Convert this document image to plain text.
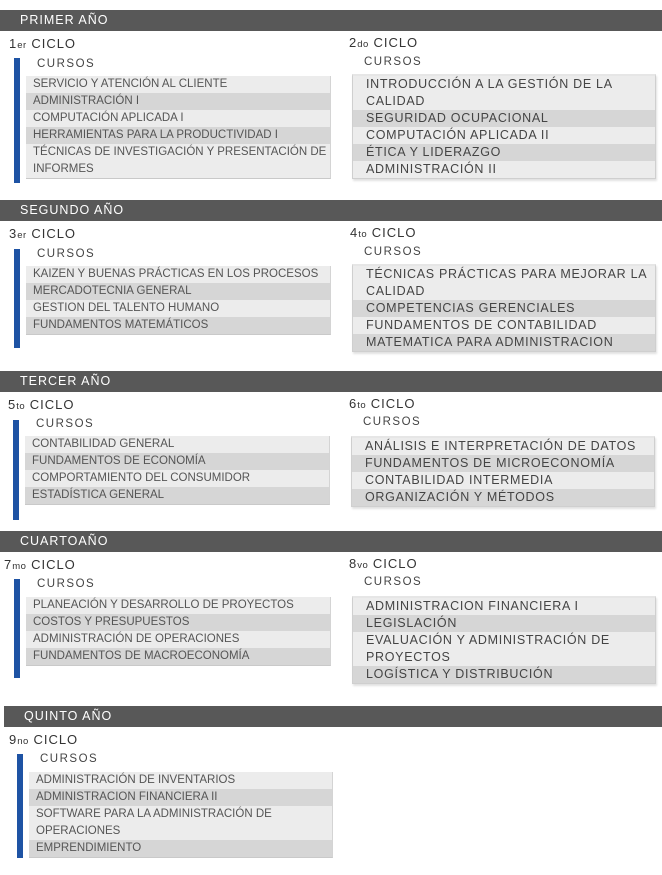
PRIMER AÑO
1er CICLO
CURSOS
SERVICIO Y ATENCIÓN AL CLIENTE
ADMINISTRACIÓN I
COMPUTACIÓN APLICADA I
HERRAMIENTAS PARA LA PRODUCTIVIDAD I
TÉCNICAS DE INVESTIGACIÓN Y PRESENTACIÓN DE INFORMES
2do CICLO
CURSOS
INTRODUCCIÓN A LA GESTIÓN DE LA CALIDAD
SEGURIDAD OCUPACIONAL
COMPUTACIÓN APLICADA II
ÉTICA Y LIDERAZGO
ADMINISTRACIÓN II
SEGUNDO AÑO
3er CICLO
CURSOS
KAIZEN Y BUENAS PRÁCTICAS EN LOS PROCESOS
MERCADOTECNIA GENERAL
GESTION DEL TALENTO HUMANO
FUNDAMENTOS MATEMÁTICOS
4to CICLO
CURSOS
TÉCNICAS PRÁCTICAS PARA MEJORAR LA CALIDAD
COMPETENCIAS GERENCIALES
FUNDAMENTOS DE CONTABILIDAD
MATEMATICA PARA ADMINISTRACION
TERCER AÑO
5to CICLO
CURSOS
CONTABILIDAD GENERAL
FUNDAMENTOS DE ECONOMÍA
COMPORTAMIENTO DEL CONSUMIDOR
ESTADÍSTICA GENERAL
6to CICLO
CURSOS
ANÁLISIS E INTERPRETACIÓN DE DATOS
FUNDAMENTOS DE MICROECONOMÍA
CONTABILIDAD INTERMEDIA
ORGANIZACIÓN Y MÉTODOS
CUARTOAÑO
7mo CICLO
CURSOS
PLANEACIÓN Y DESARROLLO DE PROYECTOS
COSTOS Y PRESUPUESTOS
ADMINISTRACIÓN DE OPERACIONES
FUNDAMENTOS DE MACROECONOMÍA
8vo CICLO
CURSOS
ADMINISTRACION FINANCIERA I
LEGISLACIÓN
EVALUACIÓN Y ADMINISTRACIÓN DE PROYECTOS
LOGÍSTICA Y DISTRIBUCIÓN
QUINTO AÑO
9no CICLO
CURSOS
ADMINISTRACIÓN DE INVENTARIOS
ADMINISTRACION FINANCIERA II
SOFTWARE PARA LA ADMINISTRACIÓN DE OPERACIONES
EMPRENDIMIENTO
